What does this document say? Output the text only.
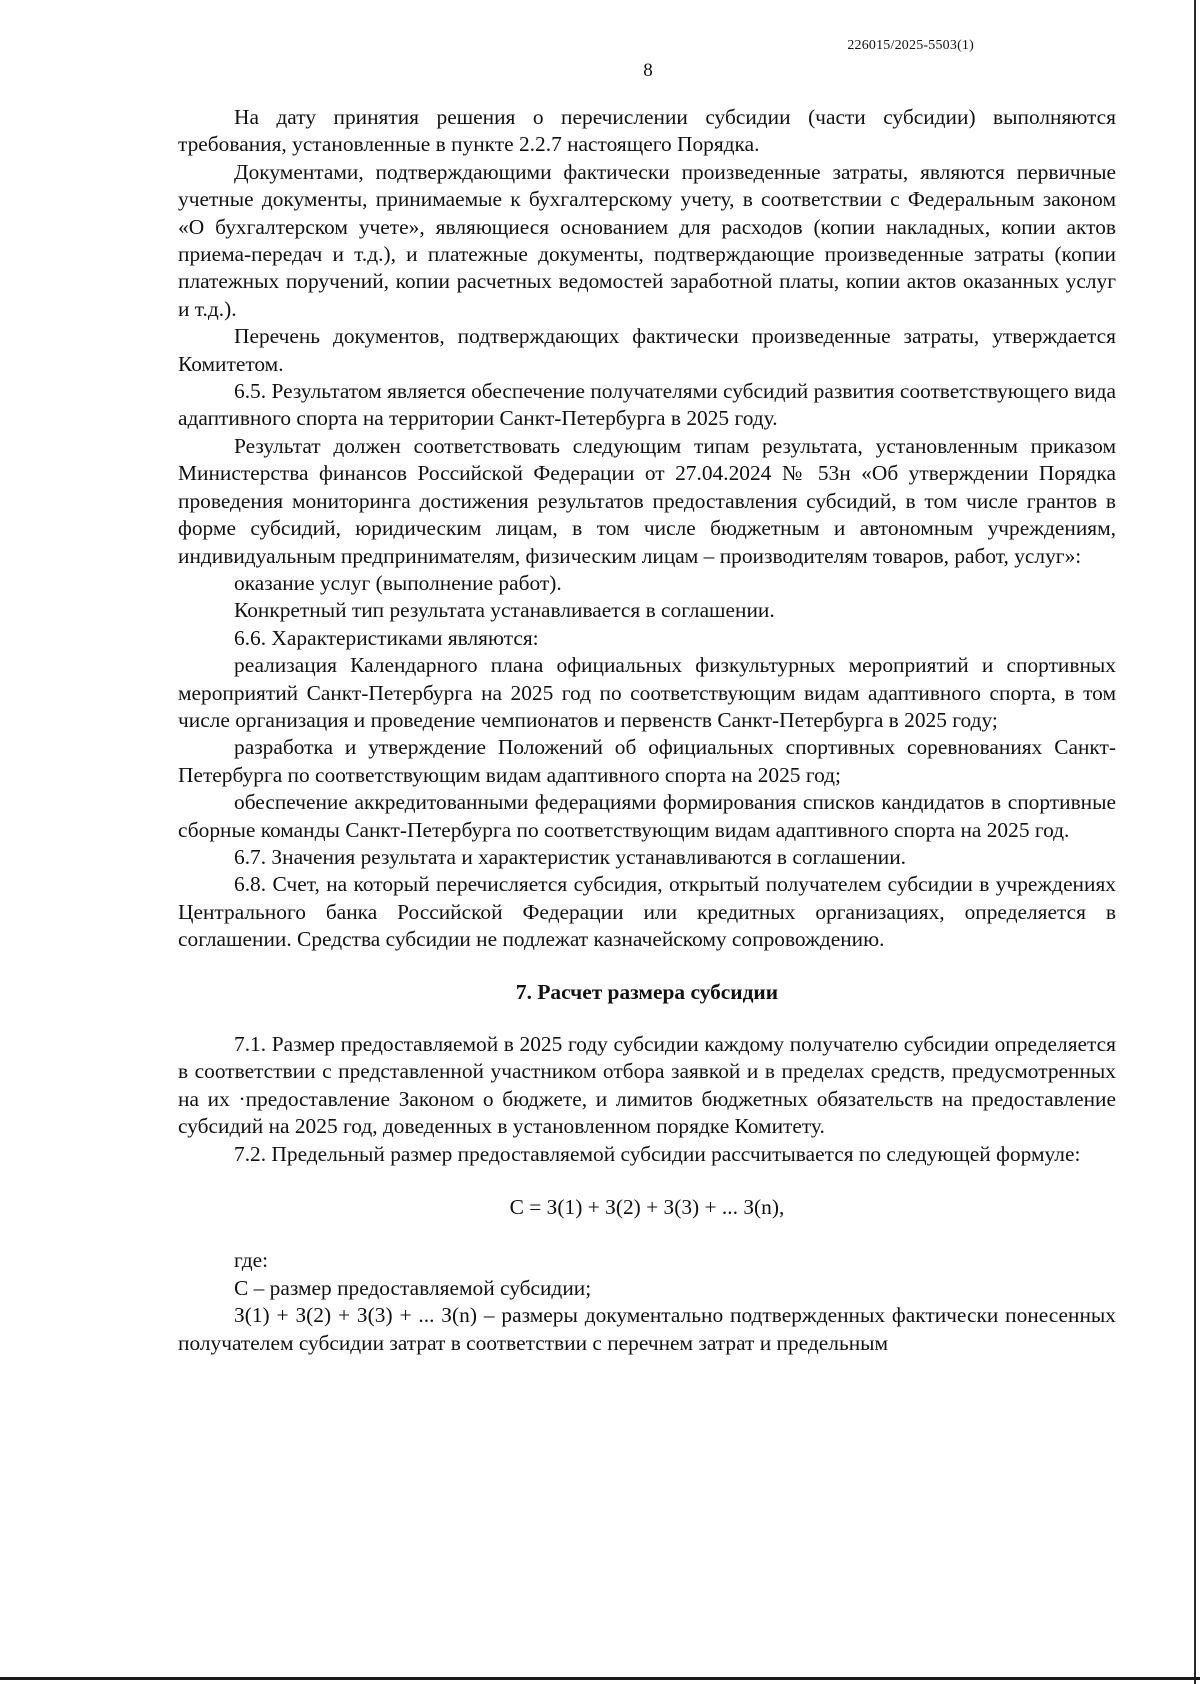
226015/2025-5503(1)
8

На дату принятия решения о перечислении субсидии (части субсидии) выполняются требования, установленные в пункте 2.2.7 настоящего Порядка.

Документами, подтверждающими фактически произведенные затраты, являются первичные учетные документы, принимаемые к бухгалтерскому учету, в соответствии с Федеральным законом «О бухгалтерском учете», являющиеся основанием для расходов (копии накладных, копии актов приема-передач и т.д.), и платежные документы, подтверждающие произведенные затраты (копии платежных поручений, копии расчетных ведомостей заработной платы, копии актов оказанных услуг и т.д.).

Перечень документов, подтверждающих фактически произведенные затраты, утверждается Комитетом.

6.5. Результатом является обеспечение получателями субсидий развития соответствующего вида адаптивного спорта на территории Санкт-Петербурга в 2025 году.

Результат должен соответствовать следующим типам результата, установленным приказом Министерства финансов Российской Федерации от 27.04.2024 № 53н «Об утверждении Порядка проведения мониторинга достижения результатов предоставления субсидий, в том числе грантов в форме субсидий, юридическим лицам, в том числе бюджетным и автономным учреждениям, индивидуальным предпринимателям, физическим лицам – производителям товаров, работ, услуг»:

оказание услуг (выполнение работ).

Конкретный тип результата устанавливается в соглашении.

6.6. Характеристиками являются:

реализация Календарного плана официальных физкультурных мероприятий и спортивных мероприятий Санкт-Петербурга на 2025 год по соответствующим видам адаптивного спорта, в том числе организация и проведение чемпионатов и первенств Санкт-Петербурга в 2025 году;

разработка и утверждение Положений об официальных спортивных соревнованиях Санкт-Петербурга по соответствующим видам адаптивного спорта на 2025 год;

обеспечение аккредитованными федерациями формирования списков кандидатов в спортивные сборные команды Санкт-Петербурга по соответствующим видам адаптивного спорта на 2025 год.

6.7. Значения результата и характеристик устанавливаются в соглашении.

6.8. Счет, на который перечисляется субсидия, открытый получателем субсидии в учреждениях Центрального банка Российской Федерации или кредитных организациях, определяется в соглашении. Средства субсидии не подлежат казначейскому сопровождению.

7. Расчет размера субсидии

7.1. Размер предоставляемой в 2025 году субсидии каждому получателю субсидии определяется в соответствии с представленной участником отбора заявкой и в пределах средств, предусмотренных на их ·предоставление Законом о бюджете, и лимитов бюджетных обязательств на предоставление субсидий на 2025 год, доведенных в установленном порядке Комитету.

7.2. Предельный размер предоставляемой субсидии рассчитывается по следующей формуле:

С = З(1) + З(2) + З(3) + ... З(n),

где:

С – размер предоставляемой субсидии;

З(1) + З(2) + З(3) + ... З(n) – размеры документально подтвержденных фактически понесенных получателем субсидии затрат в соответствии с перечнем затрат и предельным
